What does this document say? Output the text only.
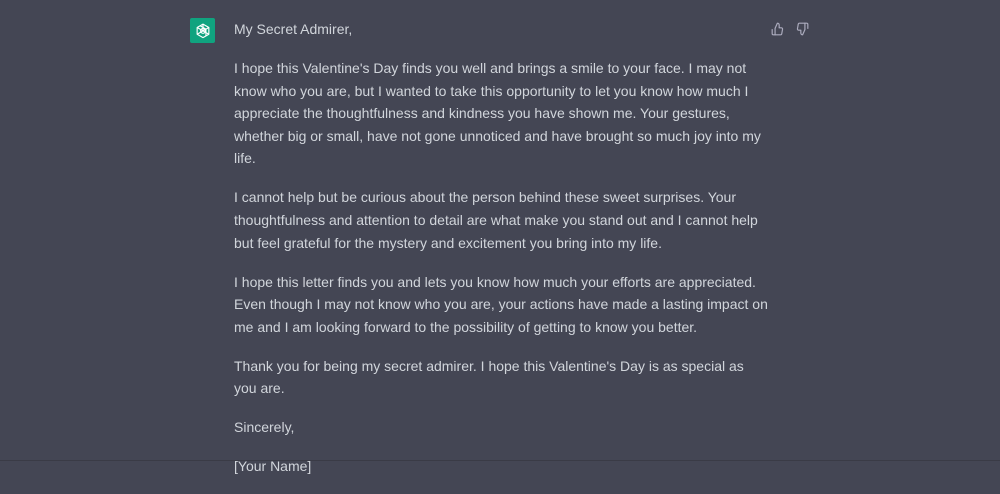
My Secret Admirer,

I hope this Valentine's Day finds you well and brings a smile to your face. I may not know who you are, but I wanted to take this opportunity to let you know how much I appreciate the thoughtfulness and kindness you have shown me. Your gestures, whether big or small, have not gone unnoticed and have brought so much joy into my life.

I cannot help but be curious about the person behind these sweet surprises. Your thoughtfulness and attention to detail are what make you stand out and I cannot help but feel grateful for the mystery and excitement you bring into my life.

I hope this letter finds you and lets you know how much your efforts are appreciated. Even though I may not know who you are, your actions have made a lasting impact on me and I am looking forward to the possibility of getting to know you better.

Thank you for being my secret admirer. I hope this Valentine's Day is as special as you are.

Sincerely,

[Your Name]
